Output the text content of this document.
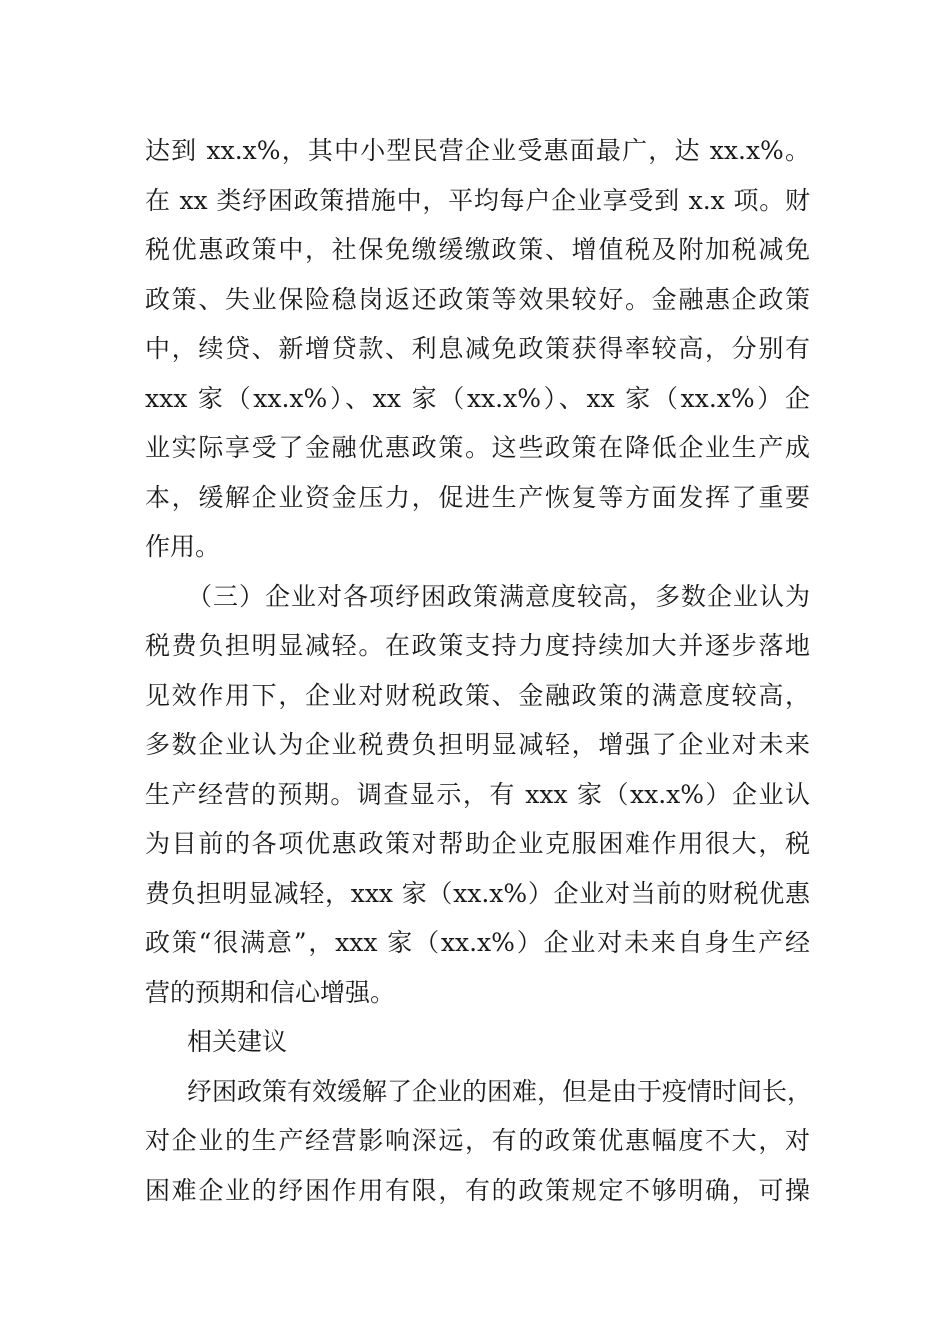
达到 xx.x%，其中小型民营企业受惠面最广，达 xx.x%。
在 xx 类纾困政策措施中，平均每户企业享受到 x.x 项。财
税优惠政策中，社保免缴缓缴政策、增值税及附加税减免
政策、失业保险稳岗返还政策等效果较好。金融惠企政策
中，续贷、新增贷款、利息减免政策获得率较高，分别有
xxx 家（xx.x%）、xx 家（xx.x%）、xx 家（xx.x%）企
业实际享受了金融优惠政策。这些政策在降低企业生产成
本，缓解企业资金压力，促进生产恢复等方面发挥了重要
作用。
（三）企业对各项纾困政策满意度较高，多数企业认为
税费负担明显减轻。在政策支持力度持续加大并逐步落地
见效作用下，企业对财税政策、金融政策的满意度较高，
多数企业认为企业税费负担明显减轻，增强了企业对未来
生产经营的预期。调查显示，有 xxx 家（xx.x%）企业认
为目前的各项优惠政策对帮助企业克服困难作用很大，税
费负担明显减轻，xxx 家（xx.x%）企业对当前的财税优惠
政策“很满意”，xxx 家（xx.x%）企业对未来自身生产经
营的预期和信心增强。
相关建议
纾困政策有效缓解了企业的困难，但是由于疫情时间长，
对企业的生产经营影响深远，有的政策优惠幅度不大，对
困难企业的纾困作用有限，有的政策规定不够明确，可操
